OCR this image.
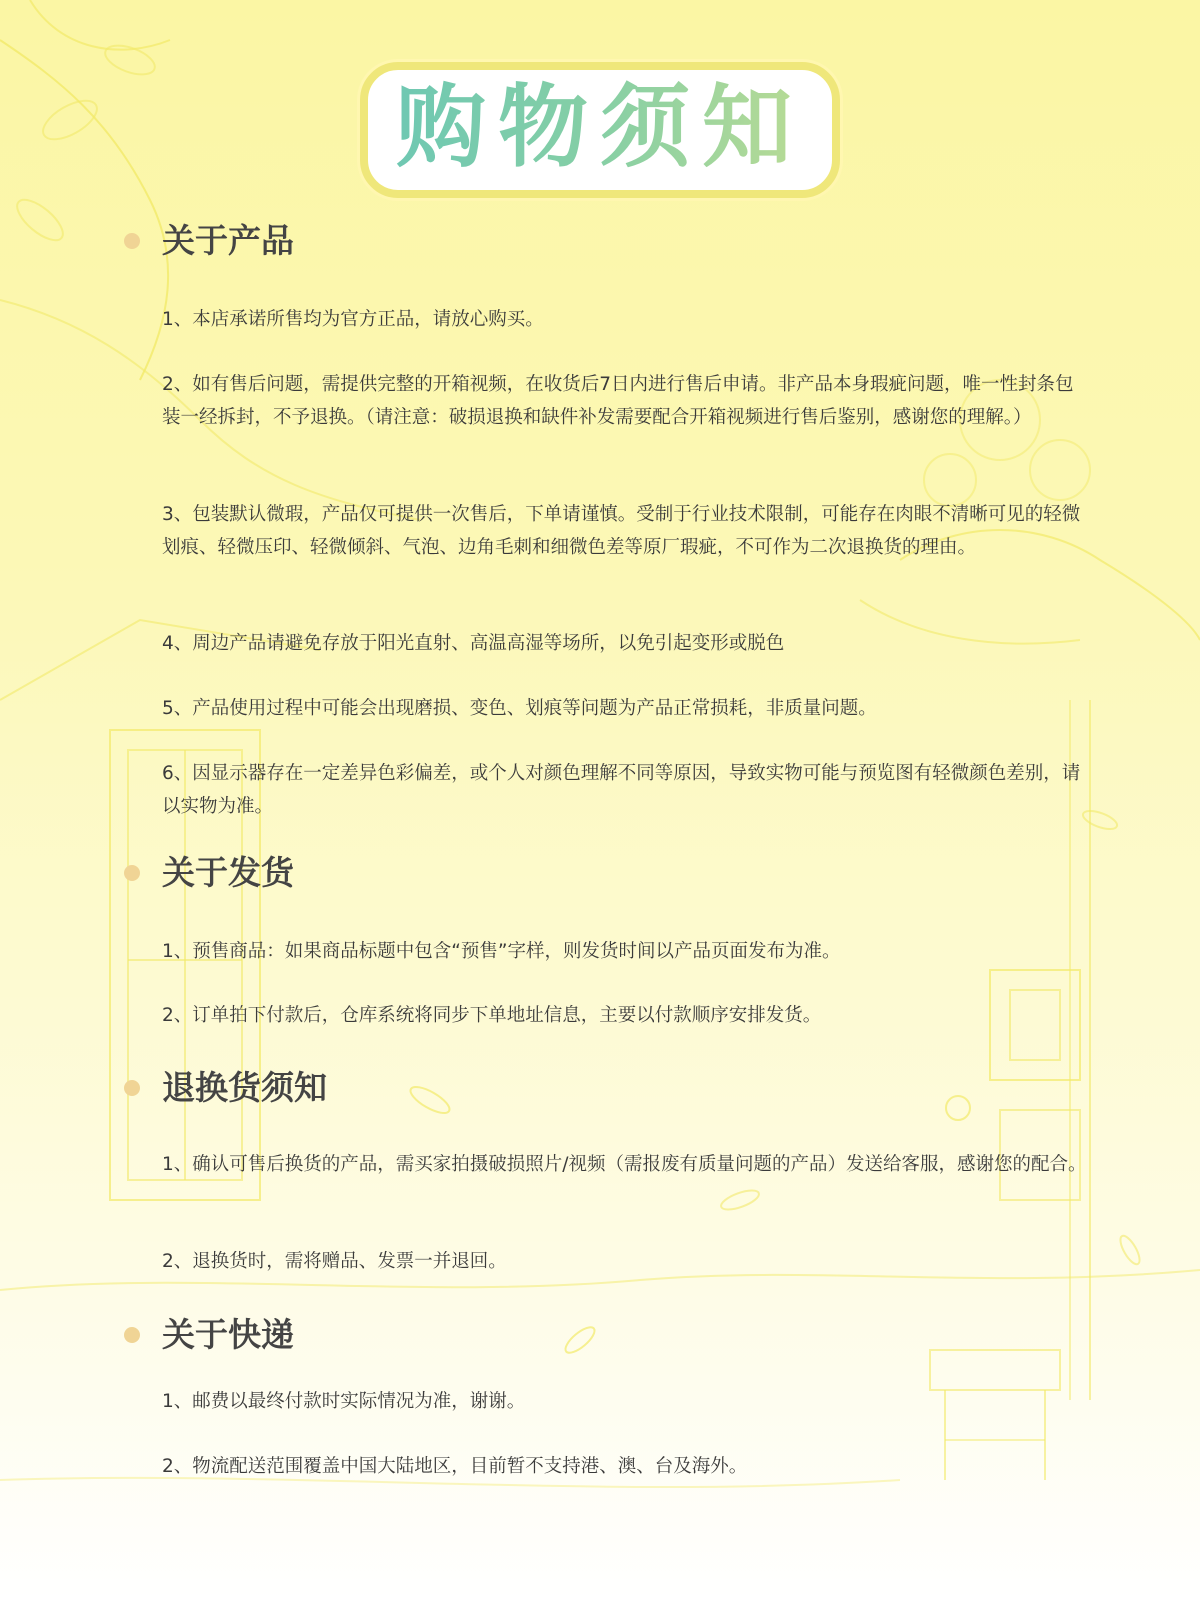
购物须知
关于产品
1、本店承诺所售均为官方正品，请放心购买。
2、如有售后问题，需提供完整的开箱视频，在收货后7日内进行售后申请。非产品本身瑕疵问题，唯一性封条包装一经拆封，不予退换。（请注意：破损退换和缺件补发需要配合开箱视频进行售后鉴别，感谢您的理解。）
3、包装默认微瑕，产品仅可提供一次售后，下单请谨慎。受制于行业技术限制，可能存在肉眼不清晰可见的轻微划痕、轻微压印、轻微倾斜、气泡、边角毛刺和细微色差等原厂瑕疵，不可作为二次退换货的理由。
4、周边产品请避免存放于阳光直射、高温高湿等场所，以免引起变形或脱色
5、产品使用过程中可能会出现磨损、变色、划痕等问题为产品正常损耗，非质量问题。
6、因显示器存在一定差异色彩偏差，或个人对颜色理解不同等原因，导致实物可能与预览图有轻微颜色差别，请以实物为准。
关于发货
1、预售商品：如果商品标题中包含“预售”字样，则发货时间以产品页面发布为准。
2、订单拍下付款后，仓库系统将同步下单地址信息，主要以付款顺序安排发货。
退换货须知
1、确认可售后换货的产品，需买家拍摄破损照片/视频（需报废有质量问题的产品）发送给客服，感谢您的配合。
2、退换货时，需将赠品、发票一并退回。
关于快递
1、邮费以最终付款时实际情况为准，谢谢。
2、物流配送范围覆盖中国大陆地区，目前暂不支持港、澳、台及海外。
